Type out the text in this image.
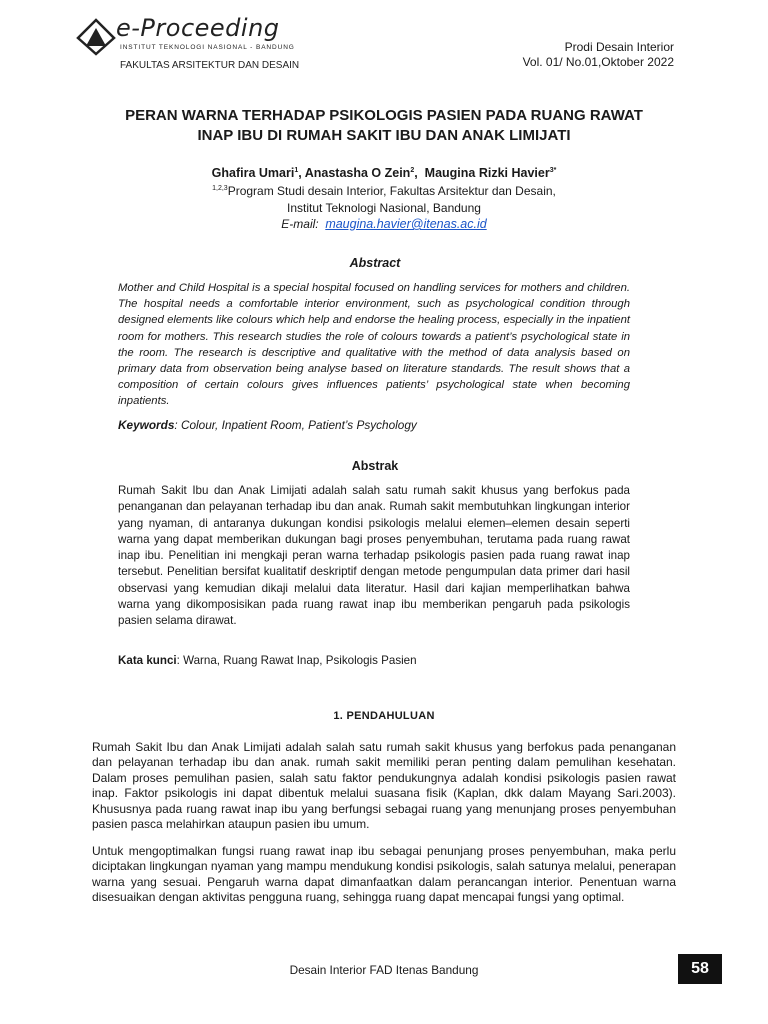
e-Proceeding
INSTITUT TEKNOLOGI NASIONAL - BANDUNG
FAKULTAS ARSITEKTUR DAN DESAIN
Prodi Desain Interior
Vol. 01/ No.01,Oktober 2022
PERAN WARNA TERHADAP PSIKOLOGIS PASIEN PADA RUANG RAWAT INAP IBU DI RUMAH SAKIT IBU DAN ANAK LIMIJATI
Ghafira Umari$^1$, Anastasha O Zein$^2$,  Maugina Rizki Havier$^{3*}$
$^{1,2,3}$Program Studi desain Interior, Fakultas Arsitektur dan Desain,
Institut Teknologi Nasional, Bandung
E-mail: maugina.havier@itenas.ac.id
Abstract

Mother and Child Hospital is a special hospital focused on handling services for mothers and children. The hospital needs a comfortable interior environment, such as psychological condition through designed elements like colours which help and endorse the healing process, especially in the inpatient room for mothers. This research studies the role of colours towards a patient’s psychological state in the room. The research is descriptive and qualitative with the method of data analysis based on primary data from observation being analyse based on literature standards. The result shows that a composition of certain colours gives influences patients’ psychological state when becoming inpatients.

Keywords: Colour, Inpatient Room, Patient’s Psychology
Abstrak

Rumah Sakit Ibu dan Anak Limijati adalah salah satu rumah sakit khusus yang berfokus pada penanganan dan pelayanan terhadap ibu dan anak. Rumah sakit membutuhkan lingkungan interior yang nyaman, di antaranya dukungan kondisi psikologis melalui elemen–elemen desain seperti warna yang dapat memberikan dukungan bagi proses penyembuhan, terutama pada ruang rawat inap ibu. Penelitian ini mengkaji peran warna terhadap psikologis pasien pada ruang rawat inap tersebut. Penelitian bersifat kualitatif deskriptif dengan metode pengumpulan data primer dari hasil observasi yang kemudian dikaji melalui data literatur. Hasil dari kajian memperlihatkan bahwa warna yang dikomposisikan pada ruang rawat inap ibu memberikan pengaruh pada psikologis pasien selama dirawat.

Kata kunci: Warna, Ruang Rawat Inap, Psikologis Pasien
1. PENDAHULUAN

Rumah Sakit Ibu dan Anak Limijati adalah salah satu rumah sakit khusus yang berfokus pada penanganan dan pelayanan terhadap ibu dan anak. rumah sakit memiliki peran penting dalam pemulihan kesehatan. Dalam proses pemulihan pasien, salah satu faktor pendukungnya adalah kondisi psikologis pasien rawat inap. Faktor psikologis ini dapat dibentuk melalui suasana fisik (Kaplan, dkk dalam Mayang Sari.2003). Khususnya pada ruang rawat inap ibu yang berfungsi sebagai ruang yang menunjang proses penyembuhan pasien pasca melahirkan ataupun pasien ibu umum.

Untuk mengoptimalkan fungsi ruang rawat inap ibu sebagai penunjang proses penyembuhan, maka perlu diciptakan lingkungan nyaman yang mampu mendukung kondisi psikologis, salah satunya melalui, penerapan warna yang sesuai. Pengaruh warna dapat dimanfaatkan dalam perancangan interior. Penentuan warna disesuaikan dengan aktivitas pengguna ruang, sehingga ruang dapat mencapai fungsi yang optimal.

Desain Interior FAD Itenas Bandung	58
